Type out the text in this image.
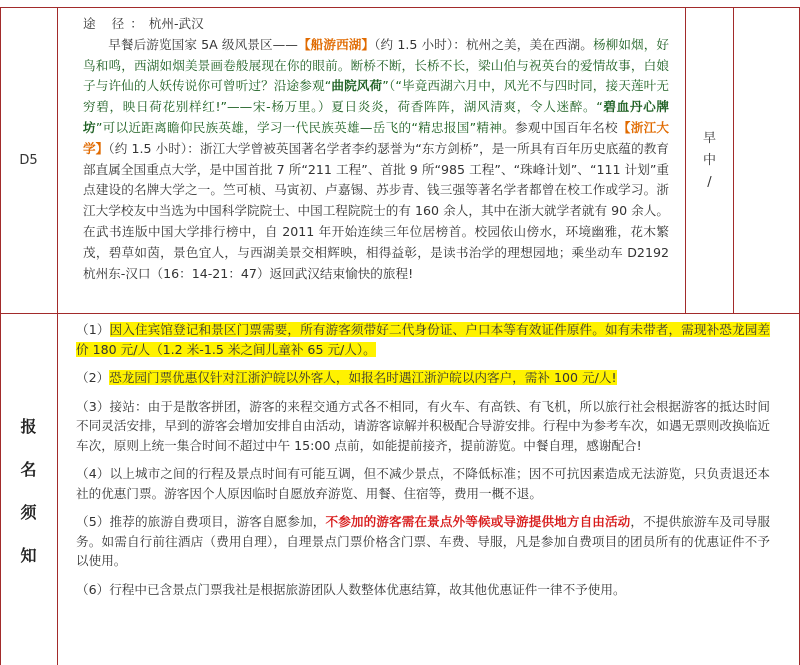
D5

途 径：杭州-武汉

早餐后游览国家 5A 级风景区——【船游西湖】（约 1.5 小时）：杭州之美，美在西湖。杨柳如烟，好鸟和鸣，西湖如烟美景画卷般展现在你的眼前。断桥不断，长桥不长，梁山伯与祝英台的爱情故事，白娘子与许仙的人妖传说你可曾听过？沿途参观“曲院风荷”（“毕竟西湖六月中，风光不与四时同，接天莲叶无穷碧，映日荷花别样红!”——宋-杨万里。）夏日炎炎，荷香阵阵，湖风清爽，令人迷醉。“碧血丹心牌坊”可以近距离瞻仰民族英雄，学习一代民族英雄—岳飞的“精忠报国”精神。参观中国百年名校【浙江大学】（约 1.5 小时）：浙江大学曾被英国著名学者李约瑟誉为“东方剑桥”，是一所具有百年历史底蕴的教育部直属全国重点大学，是中国首批 7 所“211 工程”、首批 9 所“985 工程”、“珠峰计划”、“111 计划”重点建设的名牌大学之一。竺可桢、马寅初、卢嘉锡、苏步青、钱三强等著名学者都曾在校工作或学习。浙江大学校友中当选为中国科学院院士、中国工程院院士的有 160 余人，其中在浙大就学者就有 90 余人。在武书连版中国大学排行榜中，自 2011 年开始连续三年位居榜首。校园依山傍水，环境幽雅，花木繁茂，碧草如茵，景色宜人，与西湖美景交相辉映，相得益彰，是读书治学的理想园地；乘坐动车 D2192 杭州东-汉口（16：14-21：47）返回武汉结束愉快的旅程!

早
中
/
报
名
须
知

（1）因入住宾馆登记和景区门票需要，所有游客须带好二代身份证、户口本等有效证件原件。如有未带者，需现补恐龙园差价 180 元/人（1.2 米-1.5 米之间儿童补 65 元/人）。

（2）恐龙园门票优惠仅针对江浙沪皖以外客人，如报名时遇江浙沪皖以内客户，需补 100 元/人!

（3）接站：由于是散客拼团，游客的来程交通方式各不相同，有火车、有高铁、有飞机，所以旅行社会根据游客的抵达时间不同灵活安排，早到的游客会增加安排自由活动，请游客谅解并积极配合导游安排。行程中为参考车次，如遇无票则改换临近车次，原则上统一集合时间不超过中午 15:00 点前，如能提前接齐，提前游览。中餐自理，感谢配合!

（4）以上城市之间的行程及景点时间有可能互调，但不减少景点，不降低标准；因不可抗因素造成无法游览，只负责退还本社的优惠门票。游客因个人原因临时自愿放弃游览、用餐、住宿等，费用一概不退。

（5）推荐的旅游自费项目，游客自愿参加，不参加的游客需在景点外等候或导游提供地方自由活动，不提供旅游车及司导服务。如需自行前往酒店（费用自理），自理景点门票价格含门票、车费、导服，凡是参加自费项目的团员所有的优惠证件不予以使用。

（6）行程中已含景点门票我社是根据旅游团队人数整体优惠结算，故其他优惠证件一律不予使用。
